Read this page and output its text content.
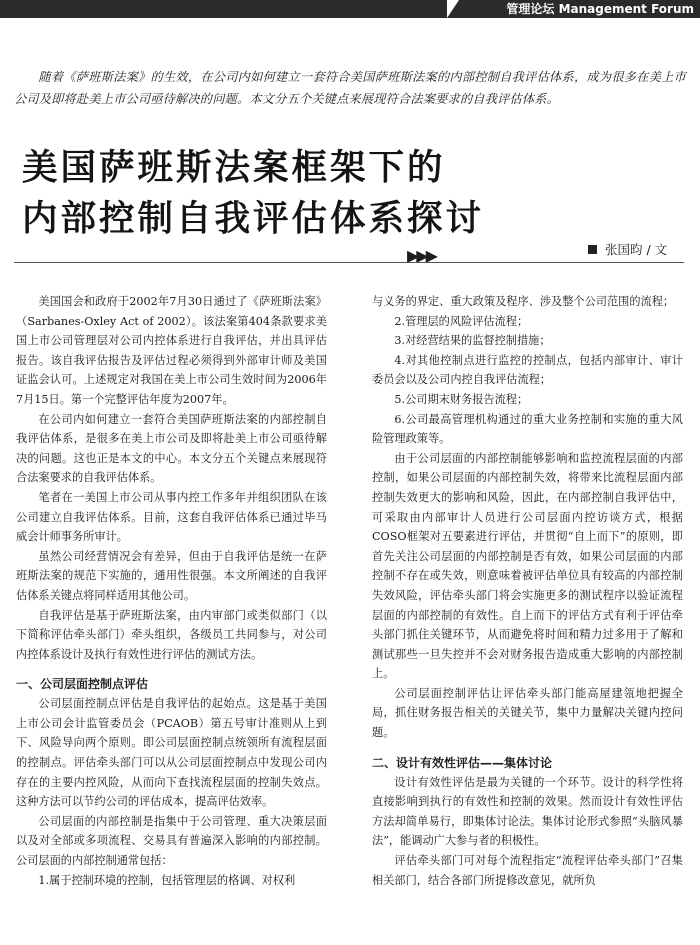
管理论坛 Management Forum

随着《萨班斯法案》的生效，在公司内如何建立一套符合美国萨班斯法案的内部控制自我评估体系，成为很多在美上市公司及即将赴美上市公司亟待解决的问题。本文分五个关键点来展现符合法案要求的自我评估体系。

美国萨班斯法案框架下的
内部控制自我评估体系探讨
▶▶▶	张国昀 / 文

美国国会和政府于2002年7月30日通过了《萨班斯法案》（Sarbanes-Oxley Act of 2002）。该法案第404条款要求美国上市公司管理层对公司内控体系进行自我评估，并出具评估报告。该自我评估报告及评估过程必须得到外部审计师及美国证监会认可。上述规定对我国在美上市公司生效时间为2006年7月15日。第一个完整评估年度为2007年。

在公司内如何建立一套符合美国萨班斯法案的内部控制自我评估体系，是很多在美上市公司及即将赴美上市公司亟待解决的问题。这也正是本文的中心。本文分五个关键点来展现符合法案要求的自我评估体系。

笔者在一美国上市公司从事内控工作多年并组织团队在该公司建立自我评估体系。目前，这套自我评估体系已通过毕马威会计师事务所审计。

虽然公司经营情况会有差异，但由于自我评估是统一在萨班斯法案的规范下实施的，通用性很强。本文所阐述的自我评估体系关键点将同样适用其他公司。

自我评估是基于萨班斯法案，由内审部门或类似部门（以下简称评估牵头部门）牵头组织，各级员工共同参与，对公司内控体系设计及执行有效性进行评估的测试方法。

一、公司层面控制点评估

公司层面控制点评估是自我评估的起始点。这是基于美国上市公司会计监管委员会（PCAOB）第五号审计准则从上到下、风险导向两个原则。即公司层面控制点统领所有流程层面的控制点。评估牵头部门可以从公司层面控制点中发现公司内存在的主要内控风险，从而向下查找流程层面的控制失效点。这种方法可以节约公司的评估成本，提高评估效率。

公司层面的内部控制是指集中于公司管理、重大决策层面以及对全部或多项流程、交易具有普遍深入影响的内部控制。公司层面的内部控制通常包括：

1.属于控制环境的控制，包括管理层的格调、对权利

与义务的界定、重大政策及程序、涉及整个公司范围的流程；

2.管理层的风险评估流程；

3.对经营结果的监督控制措施；

4.对其他控制点进行监控的控制点，包括内部审计、审计委员会以及公司内控自我评估流程；

5.公司期末财务报告流程；

6.公司最高管理机构通过的重大业务控制和实施的重大风险管理政策等。

由于公司层面的内部控制能够影响和监控流程层面的内部控制，如果公司层面的内部控制失效，将带来比流程层面内部控制失效更大的影响和风险，因此，在内部控制自我评估中，可采取由内部审计人员进行公司层面内控访谈方式，根据COSO框架对五要素进行评估，并贯彻“自上而下”的原则，即首先关注公司层面的内部控制是否有效，如果公司层面的内部控制不存在或失效，则意味着被评估单位具有较高的内部控制失效风险，评估牵头部门将会实施更多的测试程序以验证流程层面的内部控制的有效性。自上而下的评估方式有利于评估牵头部门抓住关键环节，从而避免将时间和精力过多用于了解和测试那些一旦失控并不会对财务报告造成重大影响的内部控制上。

公司层面控制评估让评估牵头部门能高屋建瓴地把握全局，抓住财务报告相关的关键关节，集中力量解决关键内控问题。

二、设计有效性评估——集体讨论

设计有效性评估是最为关键的一个环节。设计的科学性将直接影响到执行的有效性和控制的效果。然而设计有效性评估方法却简单易行，即集体讨论法。集体讨论形式参照“头脑风暴法”，能调动广大参与者的积极性。

评估牵头部门可对每个流程指定“流程评估牵头部门”召集相关部门，结合各部门所提修改意见，就所负
